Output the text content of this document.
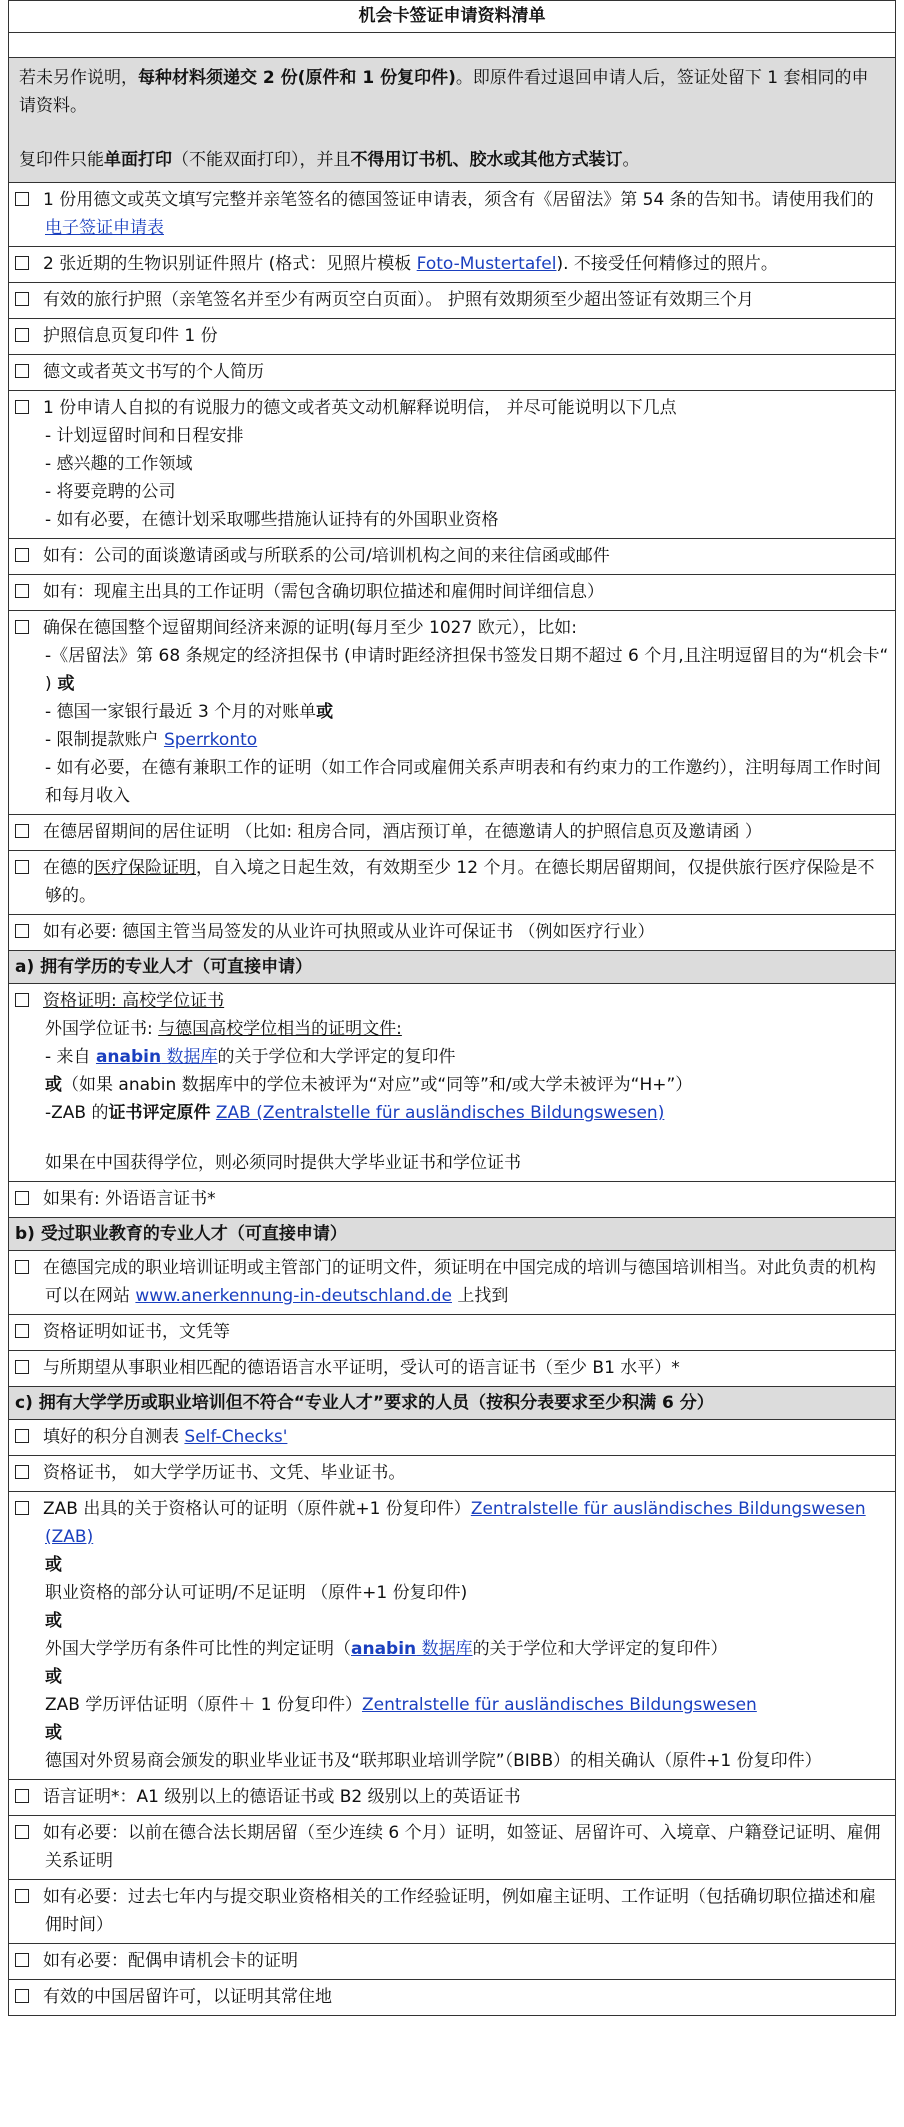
机会卡签证申请资料清单

若未另作说明，每种材料须递交 2 份(原件和 1 份复印件)。即原件看过退回申请人后，签证处留下 1 套相同的申请资料。
复印件只能单面打印（不能双面打印），并且不得用订书机、胶水或其他方式装订。

1 份用德文或英文填写完整并亲笔签名的德国签证申请表，须含有《居留法》第 54 条的告知书。请使用我们的电子签证申请表

2 张近期的生物识别证件照片 (格式：见照片模板 Foto-Mustertafel). 不接受任何精修过的照片。

有效的旅行护照（亲笔签名并至少有两页空白页面）。 护照有效期须至少超出签证有效期三个月

护照信息页复印件 1 份

德文或者英文书写的个人简历

1 份申请人自拟的有说服力的德文或者英文动机解释说明信， 并尽可能说明以下几点
- 计划逗留时间和日程安排
- 感兴趣的工作领域
- 将要竞聘的公司
- 如有必要，在德计划采取哪些措施认证持有的外国职业资格

如有：公司的面谈邀请函或与所联系的公司/培训机构之间的来往信函或邮件

如有：现雇主出具的工作证明（需包含确切职位描述和雇佣时间详细信息）

确保在德国整个逗留期间经济来源的证明(每月至少 1027 欧元），比如:
-《居留法》第 68 条规定的经济担保书 (申请时距经济担保书签发日期不超过 6 个月,且注明逗留目的为“机会卡“ ) 或
- 德国一家银行最近 3 个月的对账单或
- 限制提款账户 Sperrkonto
- 如有必要，在德有兼职工作的证明（如工作合同或雇佣关系声明表和有约束力的工作邀约），注明每周工作时间和每月收入

在德居留期间的居住证明 （比如: 租房合同，酒店预订单，在德邀请人的护照信息页及邀请函 ）

在德的医疗保险证明，自入境之日起生效，有效期至少 12 个月。在德长期居留期间，仅提供旅行医疗保险是不够的。

如有必要: 德国主管当局签发的从业许可执照或从业许可保证书 （例如医疗行业）

a) 拥有学历的专业人才（可直接申请）

资格证明: 高校学位证书
外国学位证书: 与德国高校学位相当的证明文件:
- 来自 anabin 数据库的关于学位和大学评定的复印件
或（如果 anabin 数据库中的学位未被评为“对应”或“同等”和/或大学未被评为“H+”）
-ZAB 的证书评定原件 ZAB (Zentralstelle für ausländisches Bildungswesen)
如果在中国获得学位，则必须同时提供大学毕业证书和学位证书

如果有: 外语语言证书*

b) 受过职业教育的专业人才（可直接申请）

在德国完成的职业培训证明或主管部门的证明文件，须证明在中国完成的培训与德国培训相当。对此负责的机构可以在网站 www.anerkennung-in-deutschland.de 上找到

资格证明如证书，文凭等

与所期望从事职业相匹配的德语语言水平证明，受认可的语言证书（至少 B1 水平）*

c) 拥有大学学历或职业培训但不符合“专业人才”要求的人员（按积分表要求至少积满 6 分）

填好的积分自测表 Self-Checks'

资格证书， 如大学学历证书、文凭、毕业证书。

ZAB 出具的关于资格认可的证明（原件就+1 份复印件）Zentralstelle für ausländisches Bildungswesen (ZAB)
或
职业资格的部分认可证明/不足证明 （原件+1 份复印件)
或
外国大学学历有条件可比性的判定证明（anabin 数据库的关于学位和大学评定的复印件）
或
ZAB 学历评估证明（原件＋ 1 份复印件）Zentralstelle für ausländisches Bildungswesen
或
德国对外贸易商会颁发的职业毕业证书及“联邦职业培训学院”（BIBB）的相关确认（原件+1 份复印件）

语言证明*：A1 级别以上的德语证书或 B2 级别以上的英语证书

如有必要：以前在德合法长期居留（至少连续 6 个月）证明，如签证、居留许可、入境章、户籍登记证明、雇佣关系证明

如有必要：过去七年内与提交职业资格相关的工作经验证明，例如雇主证明、工作证明（包括确切职位描述和雇佣时间）

如有必要：配偶申请机会卡的证明

有效的中国居留许可，以证明其常住地
